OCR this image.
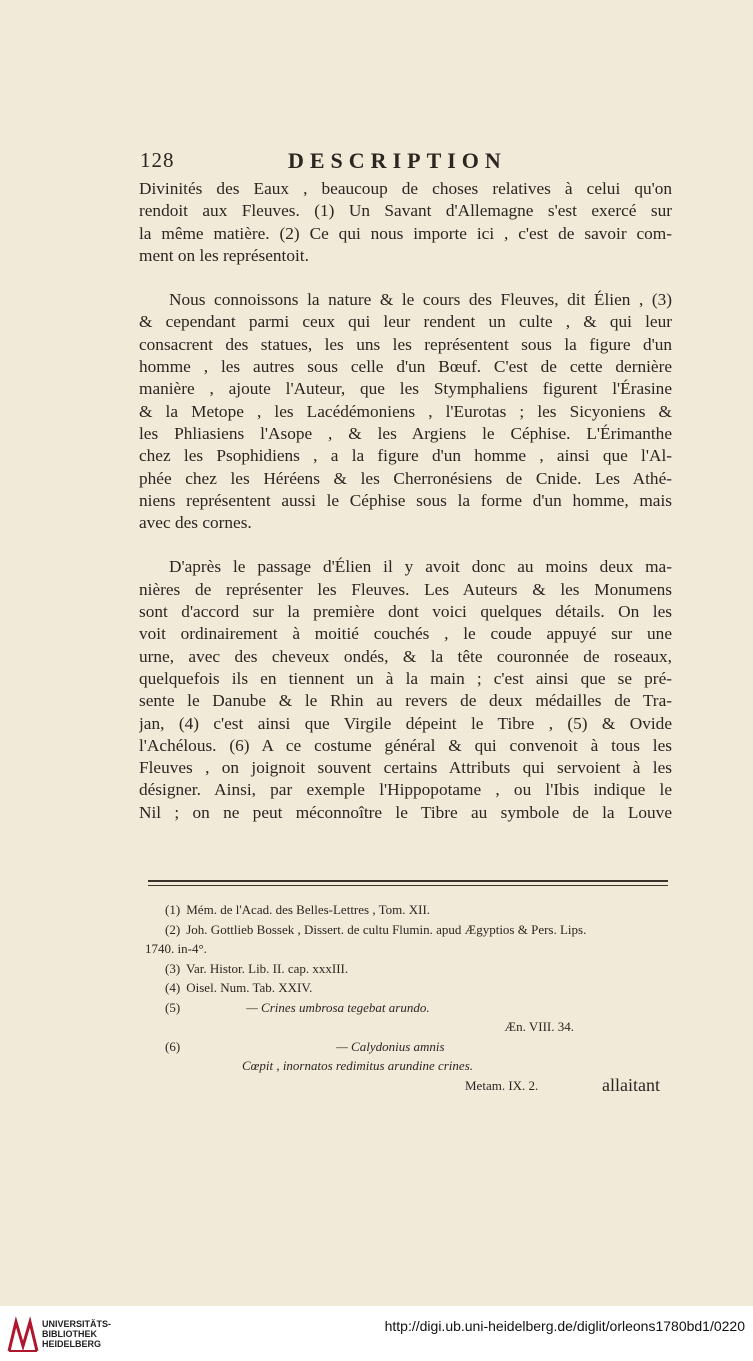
128	DESCRIPTION
Divinités des Eaux , beaucoup de choses relatives à celui qu'on
rendoit aux Fleuves. (1) Un Savant d'Allemagne s'est exercé sur
la même matière. (2) Ce qui nous importe ici , c'est de savoir com-
ment on les représentoit.
Nous connoissons la nature & le cours des Fleuves, dit Élien , (3)
& cependant parmi ceux qui leur rendent un culte , & qui leur
consacrent des statues, les uns les représentent sous la figure d'un
homme , les autres sous celle d'un Bœuf. C'est de cette dernière
manière , ajoute l'Auteur, que les Stymphaliens figurent l'Érasine
& la Metope , les Lacédémoniens , l'Eurotas ; les Sicyoniens &
les Phliasiens l'Asope , & les Argiens le Céphise. L'Érimanthe
chez les Psophidiens , a la figure d'un homme , ainsi que l'Al-
phée chez les Héréens & les Cherronésiens de Cnide. Les Athé-
niens représentent aussi le Céphise sous la forme d'un homme, mais
avec des cornes.
D'après le passage d'Élien il y avoit donc au moins deux ma-
nières de représenter les Fleuves. Les Auteurs & les Monumens
sont d'accord sur la première dont voici quelques détails. On les
voit ordinairement à moitié couchés , le coude appuyé sur une
urne, avec des cheveux ondés, & la tête couronnée de roseaux,
quelquefois ils en tiennent un à la main ; c'est ainsi que se pré-
sente le Danube & le Rhin au revers de deux médailles de Tra-
jan, (4) c'est ainsi que Virgile dépeint le Tibre , (5) & Ovide
l'Achélous. (6) A ce costume général & qui convenoit à tous les
Fleuves , on joignoit souvent certains Attributs qui servoient à les
désigner. Ainsi, par exemple l'Hippopotame , ou l'Ibis indique le
Nil ; on ne peut méconnoître le Tibre au symbole de la Louve

(1) Mém. de l'Acad. des Belles-Lettres , Tom. XII.

(2) Joh. Gottlieb Bossek , Dissert. de cultu Flumin. apud Ægyptios & Pers. Lips.

1740. in-4°.

(3) Var. Histor. Lib. II. cap. xxxIII.

(4) Oisel. Num. Tab. XXIV.

(5)	— Crines umbrosa tegebat arundo.

Æn. VIII. 34.

(6)	— Calydonius amnis

Cœpit , inornatos redimitus arundine crines.

Metam. IX. 2.	allaitant
UNIVERSITÄTS-
BIBLIOTHEK
HEIDELBERG
http://digi.ub.uni-heidelberg.de/diglit/orleons1780bd1/0220
